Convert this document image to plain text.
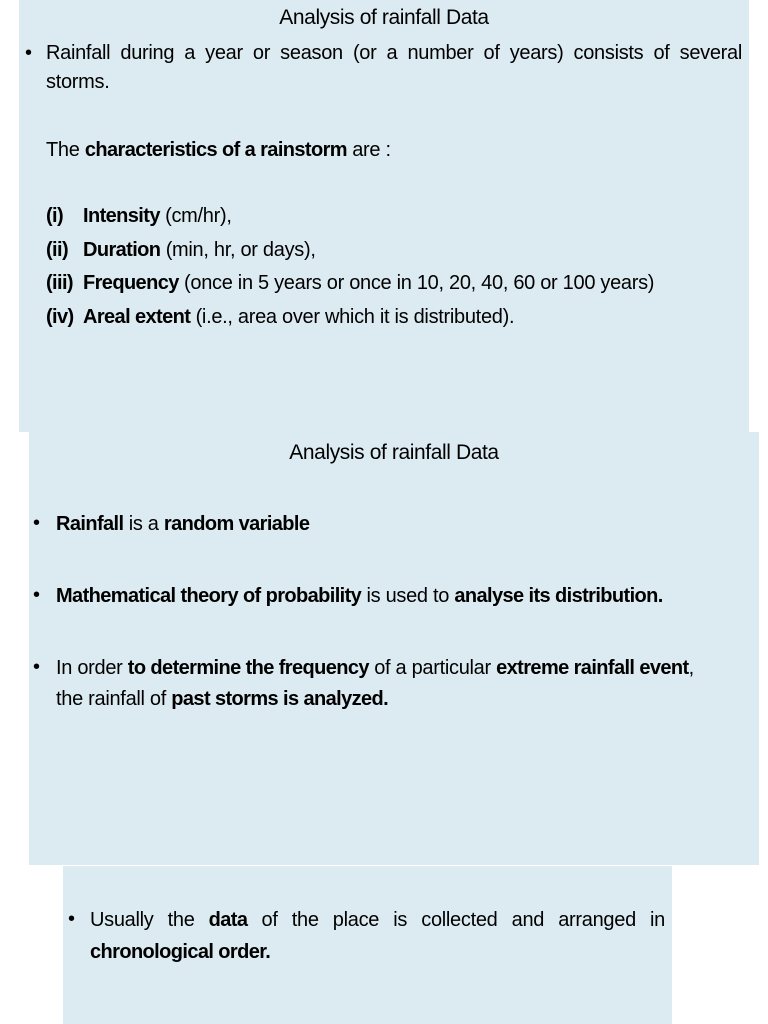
Analysis of rainfall Data
• Rainfall during a year or season (or a number of years) consists of several
storms.
The characteristics of a rainstorm are :
(i) Intensity (cm/hr),
(ii) Duration (min, hr, or days),
(iii) Frequency (once in 5 years or once in 10, 20, 40, 60 or 100 years)
(iv) Areal extent (i.e., area over which it is distributed).
Analysis of rainfall Data
• Rainfall is a random variable
• Mathematical theory of probability is used to analyse its distribution.
• In order to determine the frequency of a particular extreme rainfall event,
the rainfall of past storms is analyzed.
• Usually the data of the place is collected and arranged in
chronological order.
